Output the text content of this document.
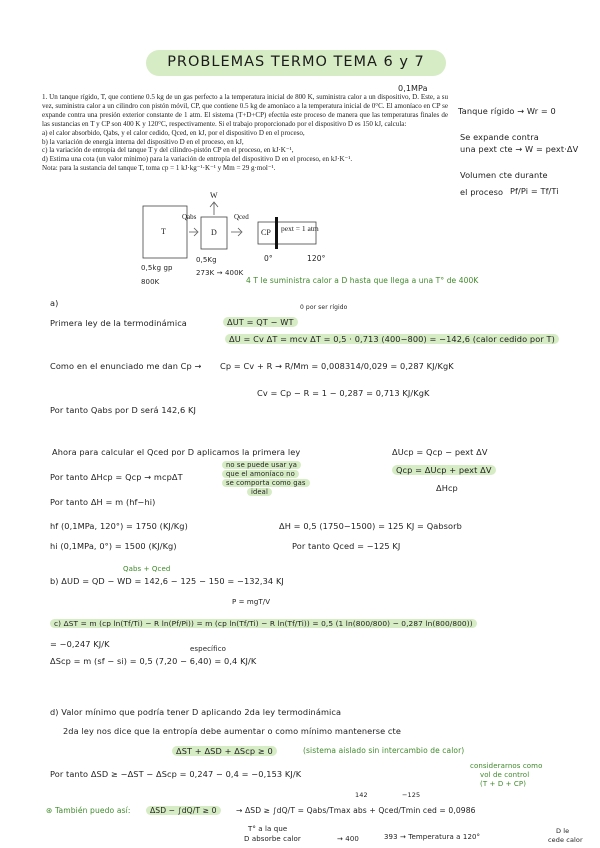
PROBLEMAS TERMO TEMA 6 y 7

1. Un tanque rígido, T, que contiene 0.5 kg de un gas perfecto a la temperatura inicial de 800 K, suministra calor a un dispositivo, D. Este, a su vez, suministra calor a un cilindro con pistón móvil, CP, que contiene 0.5 kg de amoníaco a la temperatura inicial de 0°C. El amoníaco en CP se expande contra una presión exterior constante de 1 atm. El sistema (T+D+CP) efectúa este proceso de manera que las temperaturas finales de las sustancias en T y CP son 400 K y 120°C, respectivamente. Si el trabajo proporcionado por el dispositivo D es 150 kJ, calcula:

a) el calor absorbido, Qabs, y el calor cedido, Qced, en kJ, por el dispositivo D en el proceso,

b) la variación de energía interna del dispositivo D en el proceso, en kJ,

c) la variación de entropía del tanque T y del cilindro-pistón CP en el proceso, en kJ·K⁻¹,

d) Estima una cota (un valor mínimo) para la variación de entropía del dispositivo D en el proceso, en kJ·K⁻¹.

Nota: para la sustancia del tanque T, toma cp = 1 kJ·kg⁻¹·K⁻¹ y Mm = 29 g·mol⁻¹.

0,1MPa
T	D	CP
W
Qabs	Qced
pext = 1 atm
0,5kg gp
800K
0,5Kg
273K → 400K
0°	120°
4 T le suministra calor a D hasta que llega a una T° de 400K
Tanque rígido → Wr = 0
Se expande contra
una pext cte → W = pext·ΔV
Volumen cte durante
el proceso Pf/Pi = Tf/Ti
a)
Primera ley de la termodinámica	ΔUT = QT − WT
0 por ser rígido
ΔU = Cv ΔT = mcv ΔT = 0,5 · 0,713 (400−800) = −142,6 (calor cedido por T)
Como en el enunciado me dan Cp → Cp = Cv + R → R/Mm = 0,008314/0,029 = 0,287 KJ/KgK
Cv = Cp − R = 1 − 0,287 = 0,713 KJ/KgK
Por tanto Qabs por D será 142,6 KJ
Ahora para calcular el Qced por D aplicamos la primera ley	ΔUcp = Qcp − pext ΔV
Por tanto ΔHcp = Qcp → mcpΔT
no se puede usar ya
que el amoníaco no
se comporta como gas
ideal
Qcp = ΔUcp + pext ΔV
ΔHcp
Por tanto ΔH = m (hf−hi)
hf (0,1MPa, 120°) = 1750 (KJ/Kg)	ΔH = 0,5 (1750−1500) = 125 KJ = Qabsorb
hi (0,1MPa, 0°) = 1500 (KJ/Kg)	Por tanto Qced = −125 KJ
Qabs + Qced
b) ΔUD = QD − WD = 142,6 − 125 − 150 = −132,34 KJ
P = mgT/V
c) ΔST = m (cp ln(Tf/Ti) − R ln(Pf/Pi)) = m (cp ln(Tf/Ti) − R ln(Tf/Ti)) = 0,5 (1 ln(800/800) − 0,287 ln(800/800))
= −0,247 KJ/K	específico
ΔScp = m (sf − si) = 0,5 (7,20 − 6,40) = 0,4 KJ/K
d) Valor mínimo que podría tener D aplicando 2da ley termodinámica
2da ley nos dice que la entropía debe aumentar o como mínimo mantenerse cte
ΔST + ΔSD + ΔScp ≥ 0	(sistema aislado sin intercambio de calor)
Por tanto ΔSD ≥ −ΔST − ΔScp = 0,247 − 0,4 = −0,153 KJ/K
considerarnos como
vol de control
(T + D + CP)
⊛ También puedo así:	ΔSD − ∫dQ/T ≥ 0	→ ΔSD ≥ ∫dQ/T = Qabs/Tmax abs + Qced/Tmin ced = 0,0986
142	−125
T° a la que
D absorbe calor	→ 400	393 → Temperatura a 120°
D le
cede calor
